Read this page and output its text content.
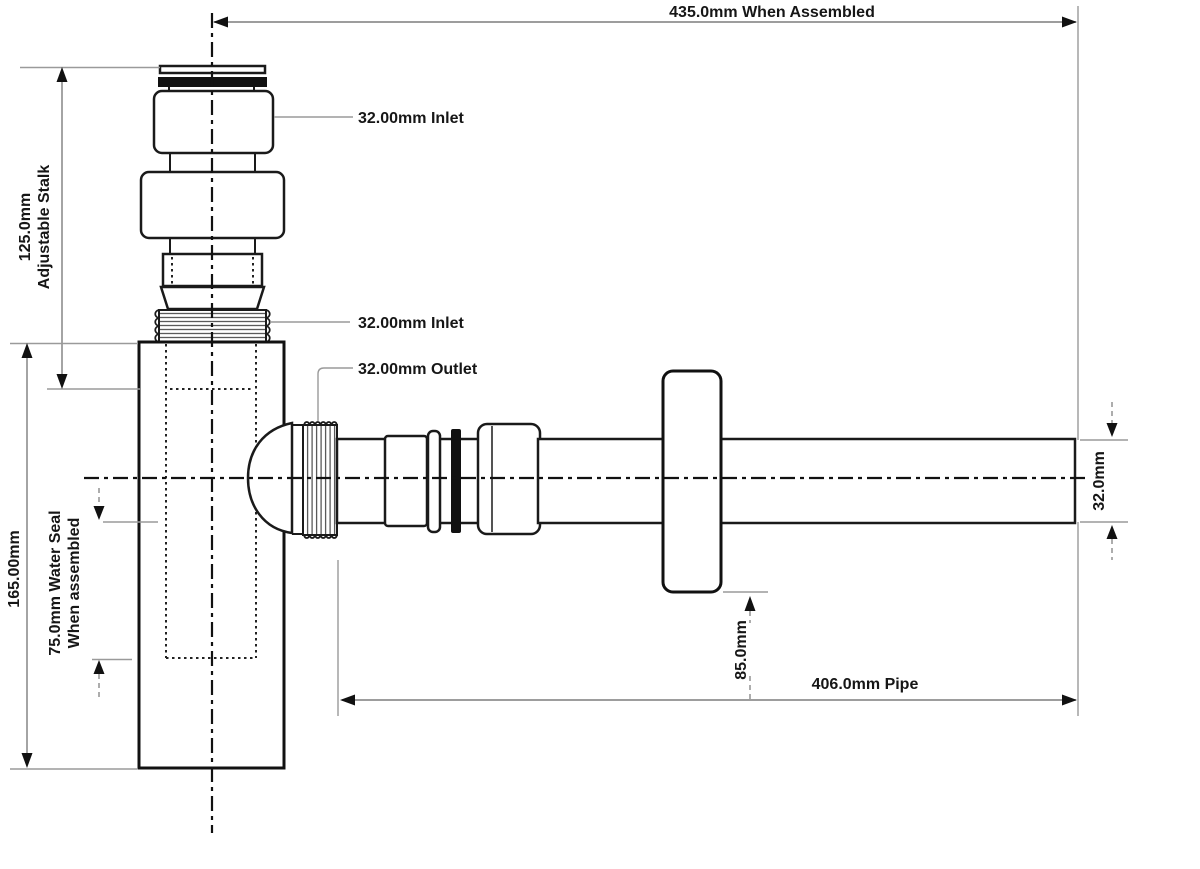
435.0mm When Assembled
125.0mm Adjustable Stalk
165.00mm 75.0mm Water Seal When assembled
85.0mm
406.0mm Pipe
32.0mm
32.00mm Inlet
32.00mm Inlet
32.00mm Outlet
